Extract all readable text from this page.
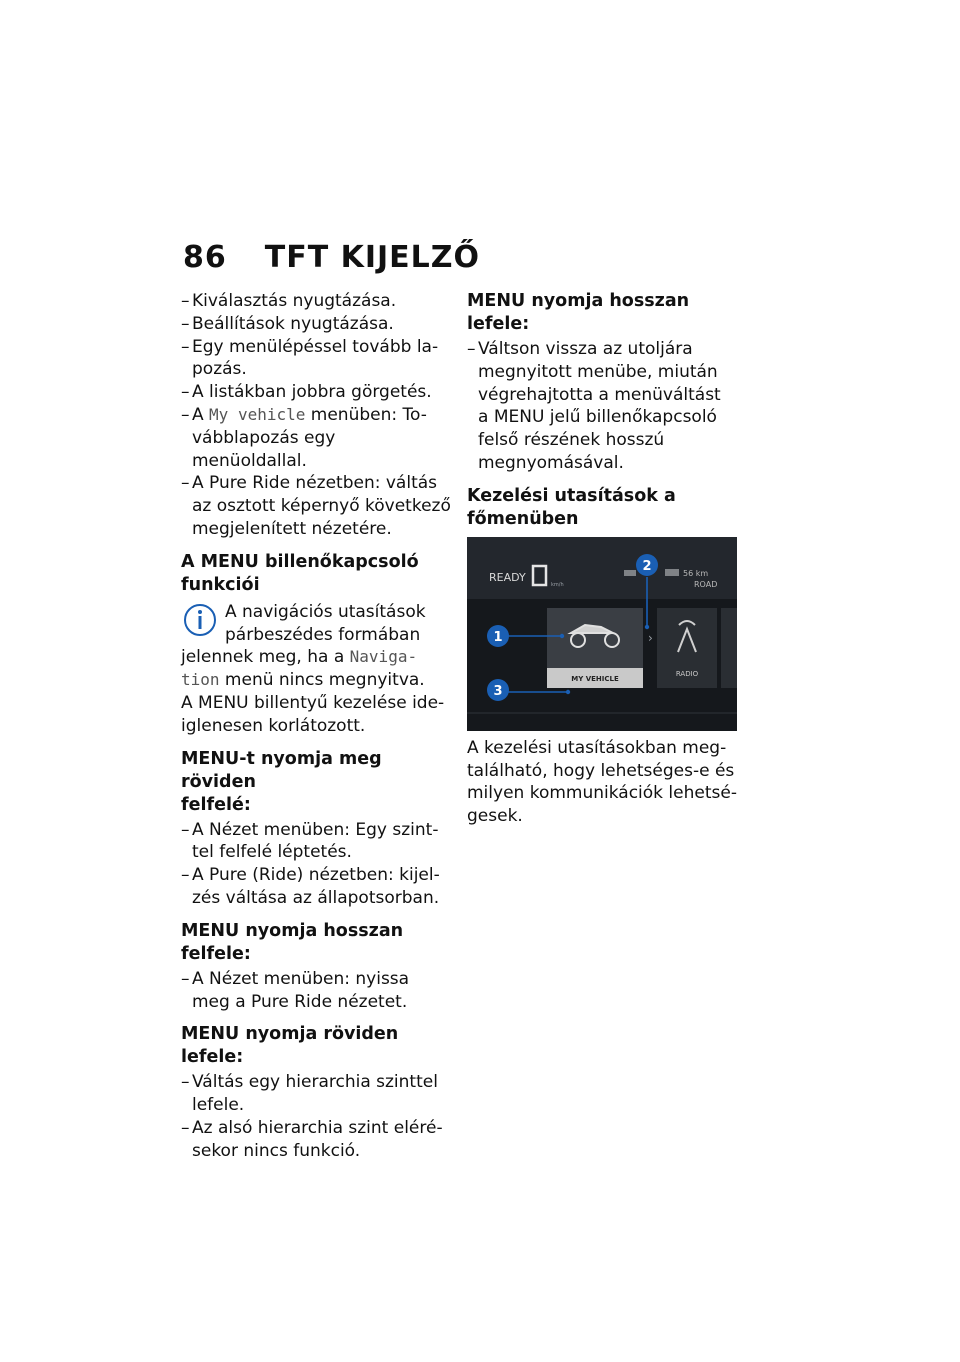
86 TFT KIJELZŐ
– Kiválasztás nyugtázása.
– Beállítások nyugtázása.
– Egy menülépéssel tovább la-
pozás.
– A listákban jobbra görgetés.
– A My vehicle menüben: To-
vábblapozás egy menüoldallal.
– A Pure Ride nézetben: váltás
az osztott képernyő következő
megjelenített nézetére.
A MENU billenőkapcsoló
funkciói
A navigációs utasítások
párbeszédes formában
jelennek meg, ha a Naviga-
tion menü nincs megnyitva.
A MENU billentyű kezelése ide-
iglenesen korlátozott.
MENU-t nyomja meg röviden
felfelé:
– A Nézet menüben: Egy szint-
tel felfelé léptetés.
– A Pure (Ride) nézetben: kijel-
zés váltása az állapotsorban.
MENU nyomja hosszan felfele:
– A Nézet menüben: nyissa
meg a Pure Ride nézetet.
MENU nyomja röviden lefele:
– Váltás egy hierarchia szinttel
lefele.
– Az alsó hierarchia szint eléré-
sekor nincs funkció.
MENU nyomja hosszan lefele:
– Váltson vissza az utoljára
megnyitott menübe, miután
végrehajtotta a menüváltást
a MENU jelű billenőkapcsoló
felső részének hosszú
megnyomásával.
Kezelési utasítások a
főmenüben
READY
km/h
56 km
ROAD
MY VEHICLE
›
RADIO
1
2
3
A kezelési utasításokban meg-
található, hogy lehetséges-e és
milyen kommunikációk lehetsé-
gesek.
